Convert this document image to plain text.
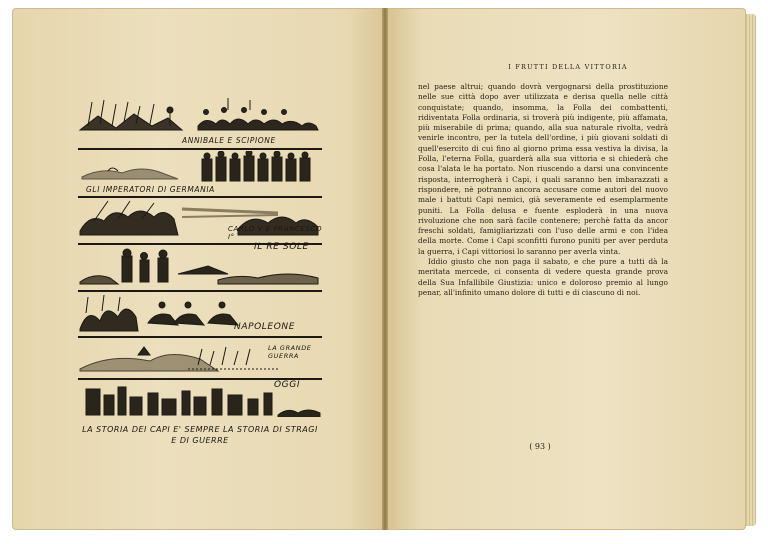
ANNIBALE E SCIPIONE
GLI IMPERATORI DI GERMANIA
CARLO V E FRANCESCO I°
IL RE SOLE
NAPOLEONE
LA GRANDE GUERRA
OGGI
LA STORIA DEI CAPI E' SEMPRE LA STORIA DI STRAGI
E DI GUERRE
I FRUTTI DELLA VITTORIA

nel paese altrui; quando dovrà vergognarsi della prostituzione nelle sue città dopo aver utilizzata e derisa quella nelle città conquistate; quando, insomma, la Folla dei combattenti, ridiventata Folla ordinaria, si troverà più indigente, più affamata, più miserabile di prima; quando, alla sua naturale rivolta, vedrà venirle incontro, per la tutela dell'ordine, i più giovani soldati di quell'esercito di cui fino al giorno prima essa vestiva la divisa, la Folla, l'eterna Folla, guarderà alla sua vittoria e si chiederà che cosa l'alata le ha portato. Non riuscendo a darsi una convincente risposta, interrogherà i Capi, i quali saranno ben imbarazzati a rispondere, nè potranno ancora accusare come autori del nuovo male i battuti Capi nemici, già severamente ed esemplarmente puniti. La Folla delusa e fuente esploderà in una nuova rivoluzione che non sarà facile contenere; perchè fatta da ancor freschi soldati, famigliarizzati con l'uso delle armi e con l'idea della morte. Come i Capi sconfitti furono puniti per aver perduta la guerra, i Capi vittoriosi lo saranno per averla vinta.

Iddio giusto che non paga il sabato, e che pure a tutti dà la meritata mercede, ci consenta di vedere questa grande prova della Sua Infallibile Giustizia: unico e doloroso premio al lungo penar, all'infinito umano dolore di tutti e di ciascuno di noi.

( 93 )
